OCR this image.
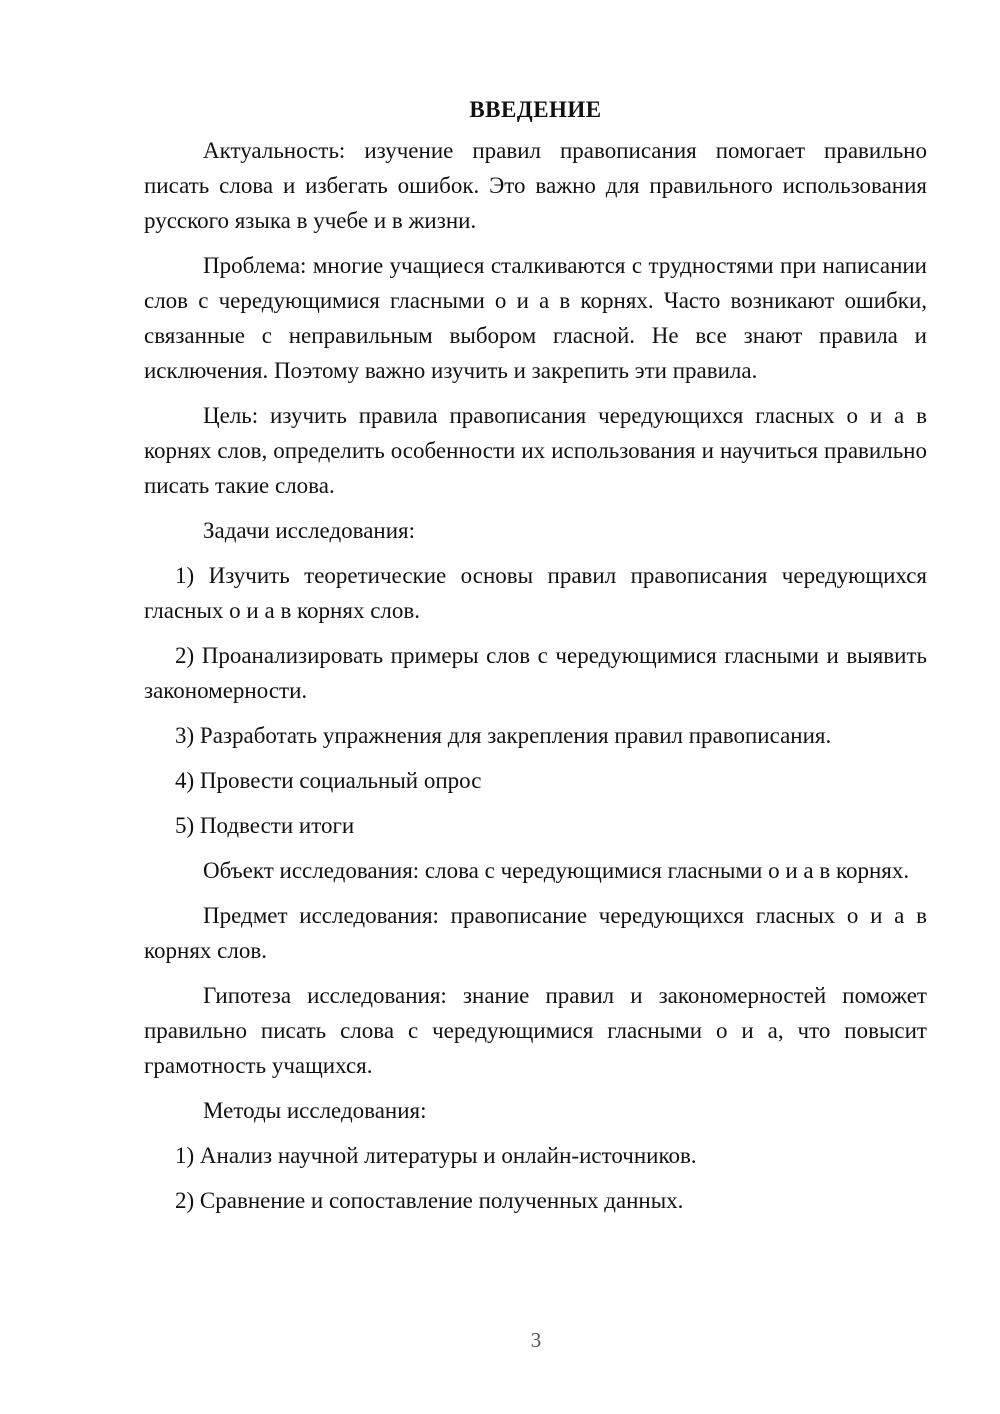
ВВЕДЕНИЕ

Актуальность: изучение правил правописания помогает правильно писать слова и избегать ошибок. Это важно для правильного использования русского языка в учебе и в жизни.

Проблема: многие учащиеся сталкиваются с трудностями при написании слов с чередующимися гласными о и а в корнях. Часто возникают ошибки, связанные с неправильным выбором гласной. Не все знают правила и исключения. Поэтому важно изучить и закрепить эти правила.

Цель: изучить правила правописания чередующихся гласных о и а в корнях слов, определить особенности их использования и научиться правильно писать такие слова.

Задачи исследования:

1) Изучить теоретические основы правил правописания чередующихся гласных о и а в корнях слов.

2) Проанализировать примеры слов с чередующимися гласными и выявить закономерности.

3) Разработать упражнения для закрепления правил правописания.

4) Провести социальный опрос

5) Подвести итоги

Объект исследования: слова с чередующимися гласными о и а в корнях.

Предмет исследования: правописание чередующихся гласных о и а в корнях слов.

Гипотеза исследования: знание правил и закономерностей поможет правильно писать слова с чередующимися гласными о и а, что повысит грамотность учащихся.

Методы исследования:

1) Анализ научной литературы и онлайн-источников.

2) Сравнение и сопоставление полученных данных.

3
